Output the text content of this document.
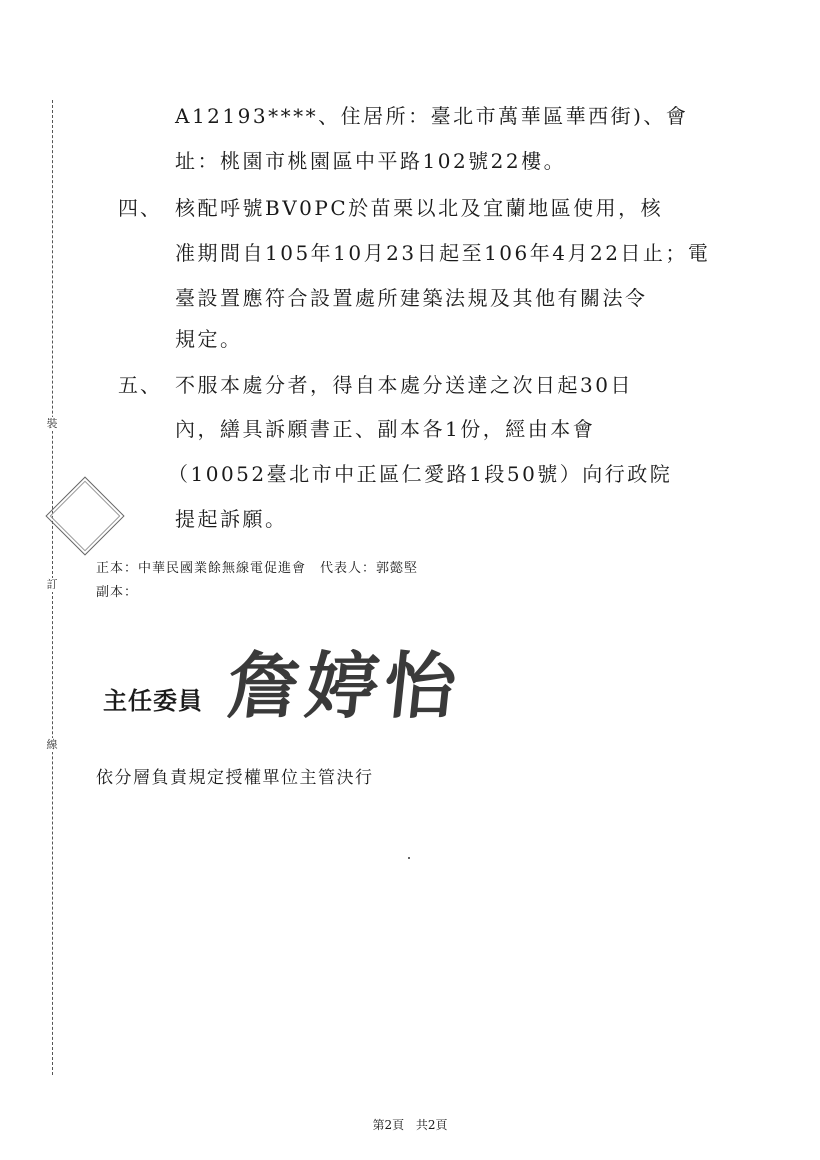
裝
訂
線
A12193****、住居所：臺北市萬華區華西街)、會
址：桃園市桃園區中平路102號22樓。
四、 核配呼號BV0PC於苗栗以北及宜蘭地區使用，核
准期間自105年10月23日起至106年4月22日止；電
臺設置應符合設置處所建築法規及其他有關法令
規定。
五、 不服本處分者，得自本處分送達之次日起30日
內，繕具訴願書正、副本各1份，經由本會
（10052臺北市中正區仁愛路1段50號）向行政院
提起訴願。
正本：中華民國業餘無線電促進會　代表人：郭懿堅
副本：
主任委員 詹婷怡
依分層負責規定授權單位主管決行
第2頁 共2頁
